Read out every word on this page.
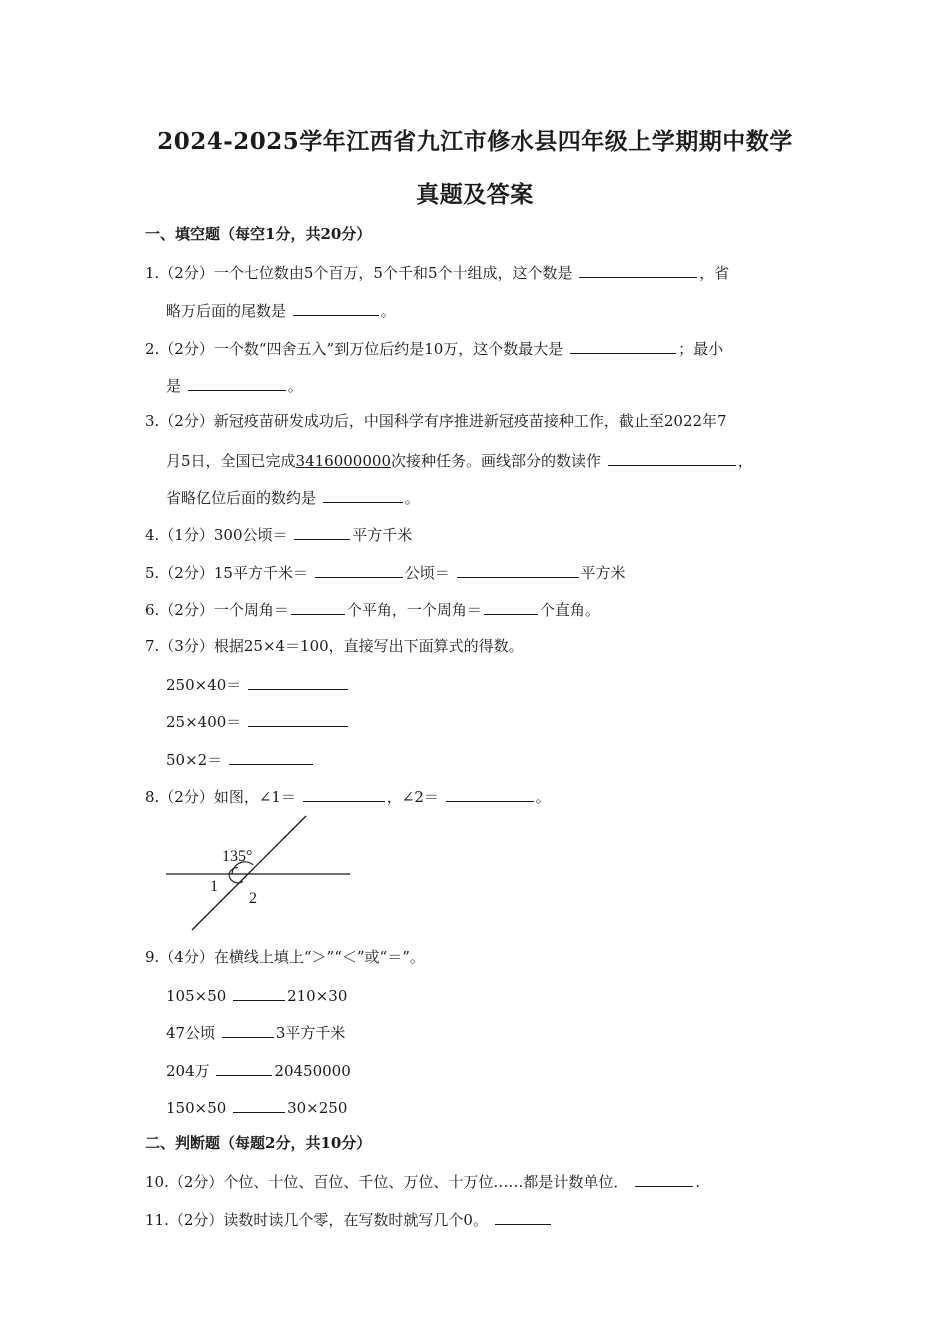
2024-2025学年江西省九江市修水县四年级上学期期中数学
真题及答案
一、填空题（每空1分，共20分）
1.（2分）一个七位数由5个百万，5个千和5个十组成，这个数是	，省
略万后面的尾数是	。
2.（2分）一个数“四舍五入”到万位后约是10万，这个数最大是	；最小
是	。
3.（2分）新冠疫苗研发成功后，中国科学有序推进新冠疫苗接种工作，截止至2022年7
月5日，全国已完成3416000000次接种任务。画线部分的数读作	，
省略亿位后面的数约是	。
4.（1分）300公顷＝	平方千米
5.（2分）15平方千米＝	公顷＝	平方米
6.（2分）一个周角＝	个平角，一个周角＝	个直角。
7.（3分）根据25×4＝100，直接写出下面算式的得数。
250×40＝
25×400＝
50×2＝
8.（2分）如图，∠1＝	，∠2＝	。
135°
1
2
9.（4分）在横线上填上“＞”“＜”或“＝”。
105×50	210×30
47公顷	3平方千米
204万	20450000
150×50	30×250
二、判断题（每题2分，共10分）
10.（2分）个位、十位、百位、千位、万位、十万位……都是计数单位．	.
11.（2分）读数时读几个零，在写数时就写几个0。
